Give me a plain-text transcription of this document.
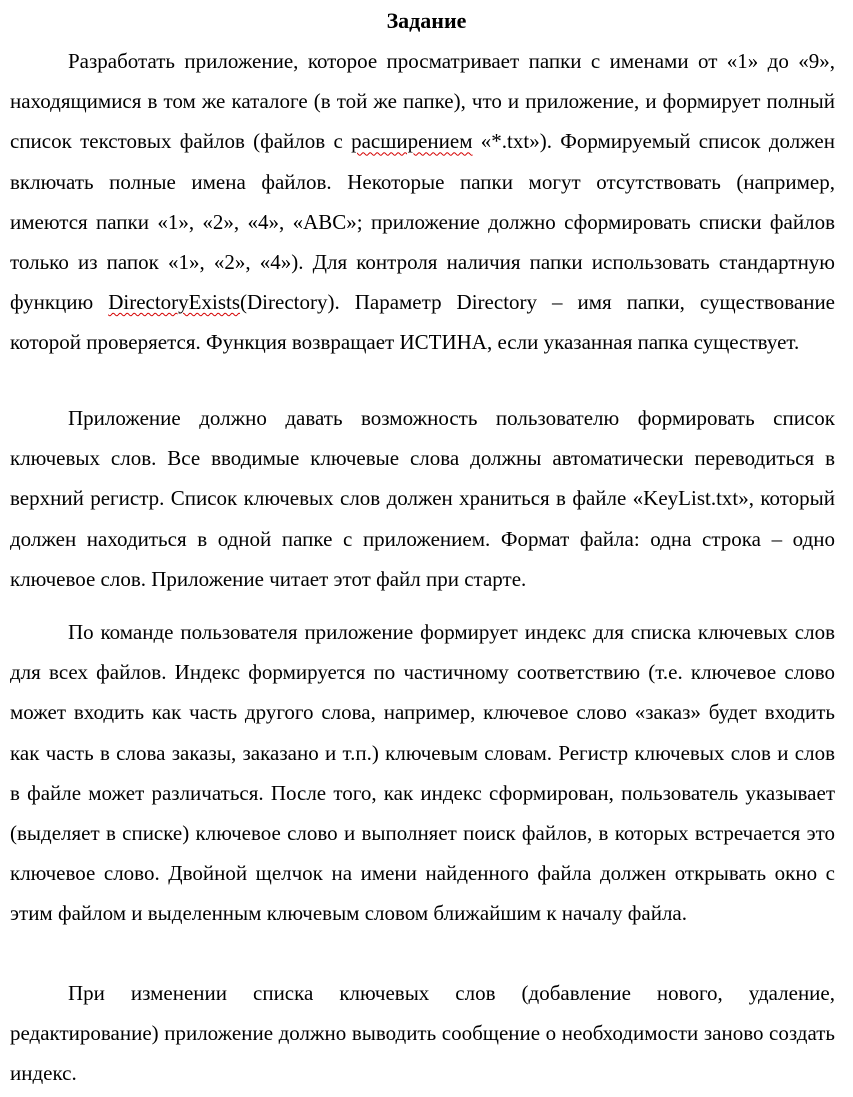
Задание

Разработать приложение, которое просматривает папки с именами от «1» до «9», находящимися в том же каталоге (в той же папке), что и приложение, и формирует полный список текстовых файлов (файлов с расширением «*.txt»). Формируемый список должен включать полные имена файлов. Некоторые папки могут отсутствовать (например, имеются папки «1», «2», «4», «ABC»; приложение должно сформировать списки файлов только из папок «1», «2», «4»). Для контроля наличия папки использовать стандартную функцию DirectoryExists(Directory). Параметр Directory – имя папки, существование которой проверяется. Функция возвращает ИСТИНА, если указанная папка существует.

Приложение должно давать возможность пользователю формировать список ключевых слов. Все вводимые ключевые слова должны автоматически переводиться в верхний регистр. Список ключевых слов должен храниться в файле «KeyList.txt», который должен находиться в одной папке с приложением. Формат файла: одна строка – одно ключевое слов. Приложение читает этот файл при старте.

По команде пользователя приложение формирует индекс для списка ключевых слов для всех файлов. Индекс формируется по частичному соответствию (т.е. ключевое слово может входить как часть другого слова, например, ключевое слово «заказ» будет входить как часть в слова заказы, заказано и т.п.) ключевым словам. Регистр ключевых слов и слов в файле может различаться. После того, как индекс сформирован, пользователь указывает (выделяет в списке) ключевое слово и выполняет поиск файлов, в которых встречается это ключевое слово. Двойной щелчок на имени найденного файла должен открывать окно с этим файлом и выделенным ключевым словом ближайшим к началу файла.

При изменении списка ключевых слов (добавление нового, удаление, редактирование) приложение должно выводить сообщение о необходимости заново создать индекс.
